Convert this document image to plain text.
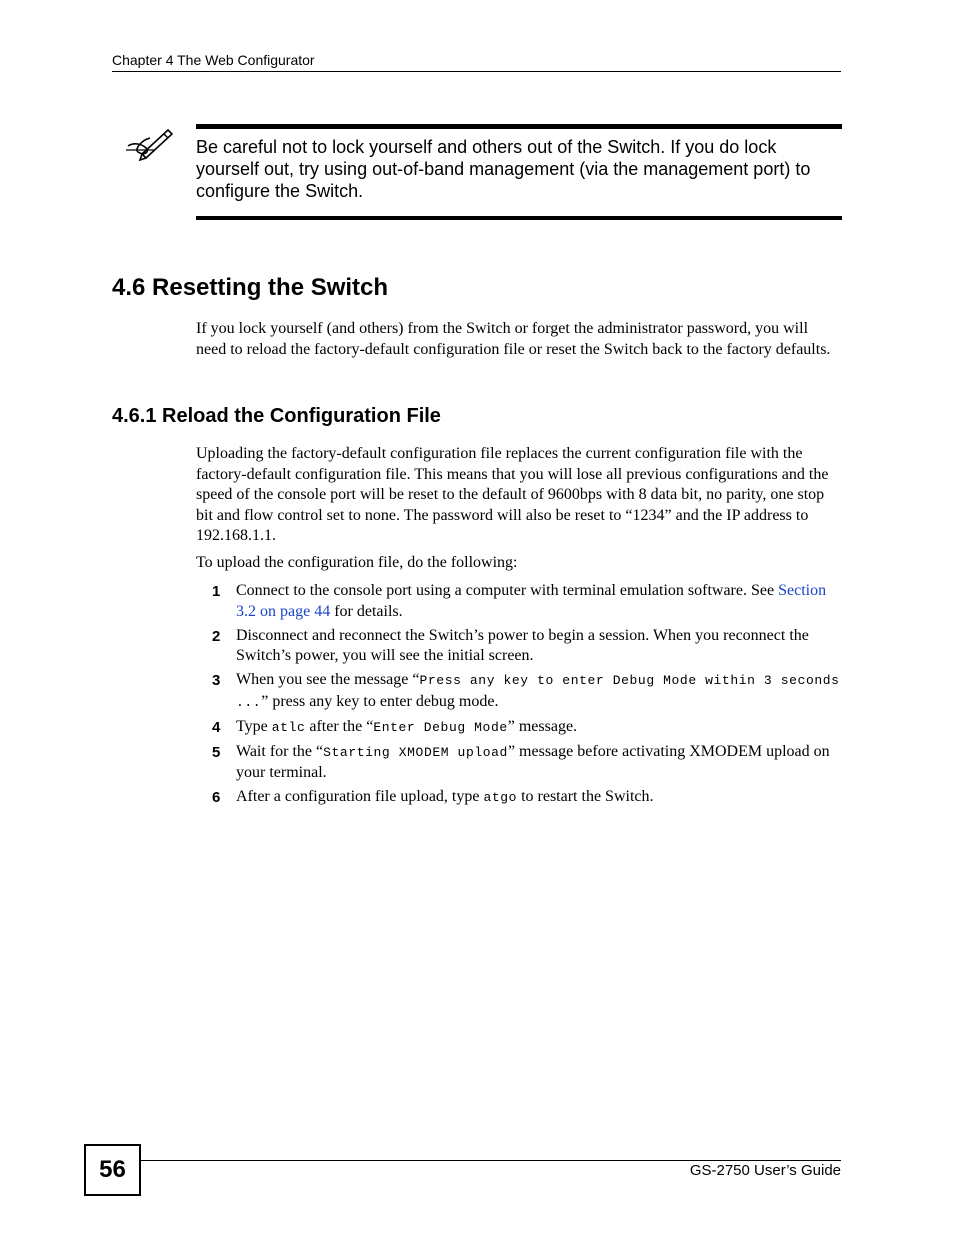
Chapter 4 The Web Configurator
Be careful not to lock yourself and others out of the Switch. If you do lock yourself out, try using out-of-band management (via the management port) to configure the Switch.
4.6 Resetting the Switch
If you lock yourself (and others) from the Switch or forget the administrator password, you will need to reload the factory-default configuration file or reset the Switch back to the factory defaults.
4.6.1 Reload the Configuration File
Uploading the factory-default configuration file replaces the current configuration file with the factory-default configuration file. This means that you will lose all previous configurations and the speed of the console port will be reset to the default of 9600bps with 8 data bit, no parity, one stop bit and flow control set to none. The password will also be reset to “1234” and the IP address to 192.168.1.1.
To upload the configuration file, do the following:
1 Connect to the console port using a computer with terminal emulation software. See Section 3.2 on page 44 for details.
2 Disconnect and reconnect the Switch’s power to begin a session. When you reconnect the Switch’s power, you will see the initial screen.
3 When you see the message “Press any key to enter Debug Mode within 3 seconds ...” press any key to enter debug mode.
4 Type atlc after the “Enter Debug Mode” message.
5 Wait for the “Starting XMODEM upload” message before activating XMODEM upload on your terminal.
6 After a configuration file upload, type atgo to restart the Switch.
56	GS-2750 User’s Guide
